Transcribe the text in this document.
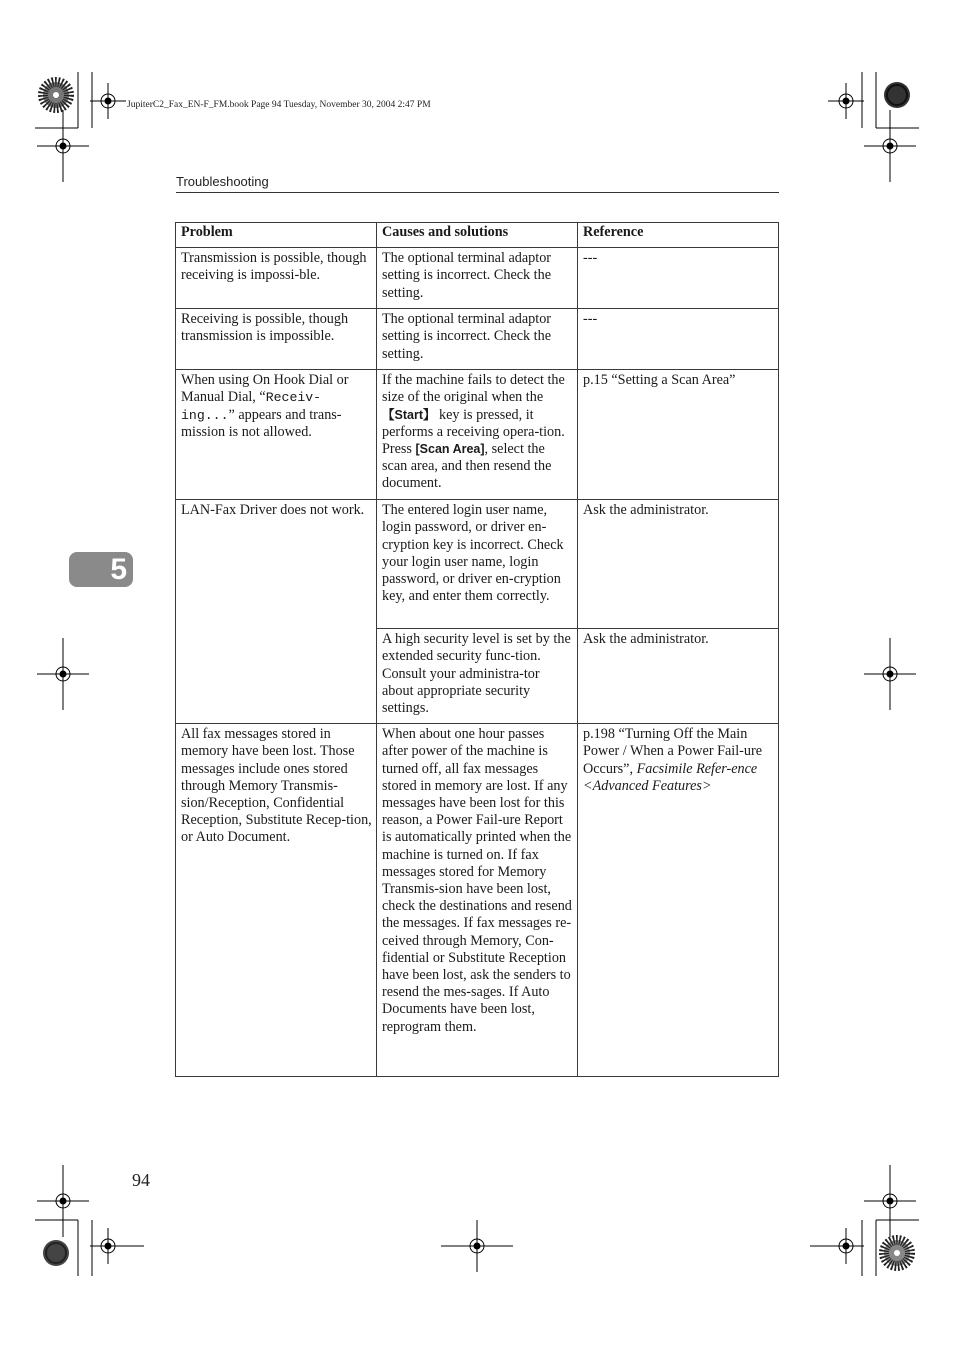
JupiterC2_Fax_EN-F_FM.book Page 94 Tuesday, November 30, 2004 2:47 PM
Troubleshooting
5
Problem	Causes and solutions	Reference
Transmission is possible, though receiving is impossi-ble.	The optional terminal adaptor setting is incorrect. Check the setting.	---
Receiving is possible, though transmission is impossible.	The optional terminal adaptor setting is incorrect. Check the setting.	---
When using On Hook Dial or Manual Dial, “Receiv-ing...” appears and trans-mission is not allowed.	If the machine fails to detect the size of the original when the 【Start】 key is pressed, it performs a receiving opera-tion. Press [Scan Area], select the scan area, and then resend the document.	p.15 “Setting a Scan Area”
LAN-Fax Driver does not work.	The entered login user name, login password, or driver en-cryption key is incorrect. Check your login user name, login password, or driver en-cryption key, and enter them correctly.	Ask the administrator.
	A high security level is set by the extended security func-tion. Consult your administra-tor about appropriate security settings.	Ask the administrator.
All fax messages stored in memory have been lost. Those messages include ones stored through Memory Transmis-sion/Reception, Confidential Reception, Substitute Recep-tion, or Auto Document.	When about one hour passes after power of the machine is turned off, all fax messages stored in memory are lost. If any messages have been lost for this reason, a Power Fail-ure Report is automatically printed when the machine is turned on. If fax messages stored for Memory Transmis-sion have been lost, check the destinations and resend the messages. If fax messages re-ceived through Memory, Con-fidential or Substitute Reception have been lost, ask the senders to resend the mes-sages. If Auto Documents have been lost, reprogram them.	p.198 “Turning Off the Main Power / When a Power Fail-ure Occurs”, Facsimile Refer-ence <Advanced Features>
94
